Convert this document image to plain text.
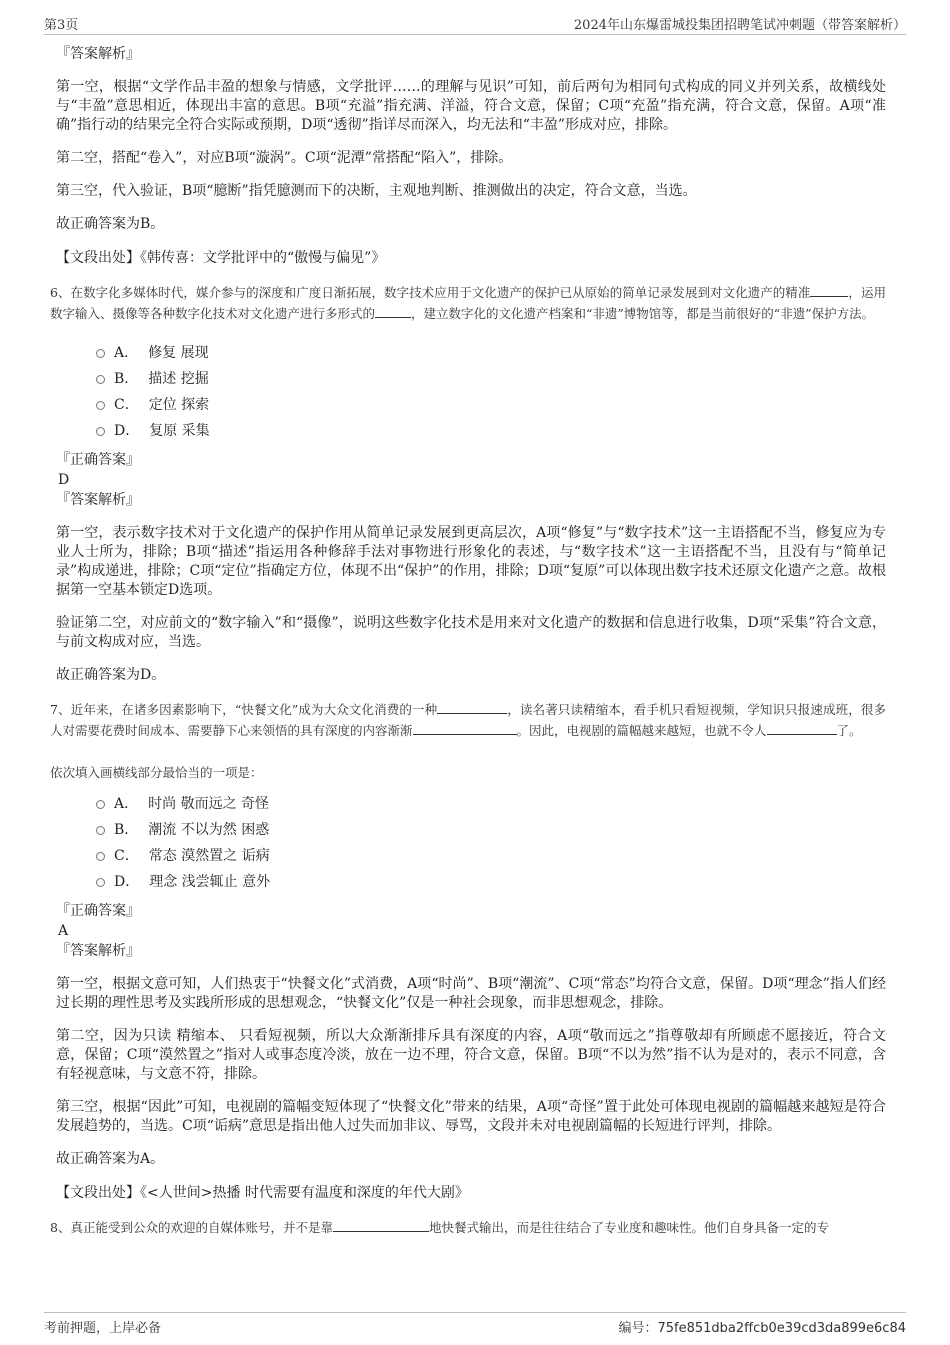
第3页	2024年山东爆雷城投集团招聘笔试冲刺题（带答案解析）
『答案解析』

第一空，根据“文学作品丰盈的想象与情感，文学批评……的理解与见识”可知，前后两句为相同句式构成的同义并列关系，故横线处与“丰盈”意思相近，体现出丰富的意思。B项“充溢”指充满、洋溢，符合文意，保留；C项“充盈”指充满，符合文意，保留。A项“准确”指行动的结果完全符合实际或预期，D项“透彻”指详尽而深入，均无法和“丰盈”形成对应，排除。

第二空，搭配“卷入”，对应B项“漩涡”。C项“泥潭”常搭配“陷入”，排除。

第三空，代入验证，B项“臆断”指凭臆测而下的决断，主观地判断、推测做出的决定，符合文意，当选。

故正确答案为B。

【文段出处】《韩传喜：文学批评中的“傲慢与偏见”》
6、在数字化多媒体时代，媒介参与的深度和广度日渐拓展，数字技术应用于文化遗产的保护已从原始的简单记录发展到对文化遗产的精准	，运用数字输入、摄像等各种数字化技术对文化遗产进行多形式的	，建立数字化的文化遗产档案和“非遗”博物馆等，都是当前很好的“非遗”保护方法。
A． 修复 展现
B． 描述 挖掘
C． 定位 探索
D． 复原 采集
『正确答案』
D
『答案解析』

第一空，表示数字技术对于文化遗产的保护作用从简单记录发展到更高层次，A项“修复”与“数字技术”这一主语搭配不当，修复应为专业人士所为，排除；B项“描述”指运用各种修辞手法对事物进行形象化的表述，与“数字技术”这一主语搭配不当，且没有与“简单记录”构成递进，排除；C项“定位”指确定方位，体现不出“保护”的作用，排除；D项“复原”可以体现出数字技术还原文化遗产之意。故根据第一空基本锁定D选项。

验证第二空，对应前文的“数字输入”和“摄像”，说明这些数字化技术是用来对文化遗产的数据和信息进行收集，D项“采集”符合文意，与前文构成对应，当选。

故正确答案为D。

7、近年来，在诸多因素影响下，“快餐文化”成为大众文化消费的一种	，读名著只读精缩本，看手机只看短视频，学知识只报速成班，很多人对需要花费时间成本、需要静下心来领悟的具有深度的内容渐渐	。因此，电视剧的篇幅越来越短，也就不令人	了。
依次填入画横线部分最恰当的一项是：
A． 时尚 敬而远之 奇怪
B． 潮流 不以为然 困惑
C． 常态 漠然置之 诟病
D． 理念 浅尝辄止 意外
『正确答案』
A
『答案解析』

第一空，根据文意可知，人们热衷于“快餐文化”式消费，A项“时尚”、B项“潮流”、C项“常态”均符合文意，保留。D项“理念”指人们经过长期的理性思考及实践所形成的思想观念，“快餐文化”仅是一种社会现象，而非思想观念，排除。

第二空，因为只读 精缩本、 只看短视频，所以大众渐渐排斥具有深度的内容，A项“敬而远之”指尊敬却有所顾虑不愿接近，符合文意，保留；C项“漠然置之”指对人或事态度冷淡，放在一边不理，符合文意，保留。B项“不以为然”指不认为是对的，表示不同意，含有轻视意味，与文意不符，排除。

第三空，根据“因此”可知，电视剧的篇幅变短体现了“快餐文化”带来的结果，A项“奇怪”置于此处可体现电视剧的篇幅越来越短是符合发展趋势的，当选。C项“诟病”意思是指出他人过失而加非议、辱骂，文段并未对电视剧篇幅的长短进行评判，排除。

故正确答案为A。

【文段出处】《<人世间>热播 时代需要有温度和深度的年代大剧》
8、真正能受到公众的欢迎的自媒体账号，并不是靠	地快餐式输出，而是往往结合了专业度和趣味性。他们自身具备一定的专
考前押题，上岸必备	编号：75fe851dba2ffcb0e39cd3da899e6c84
